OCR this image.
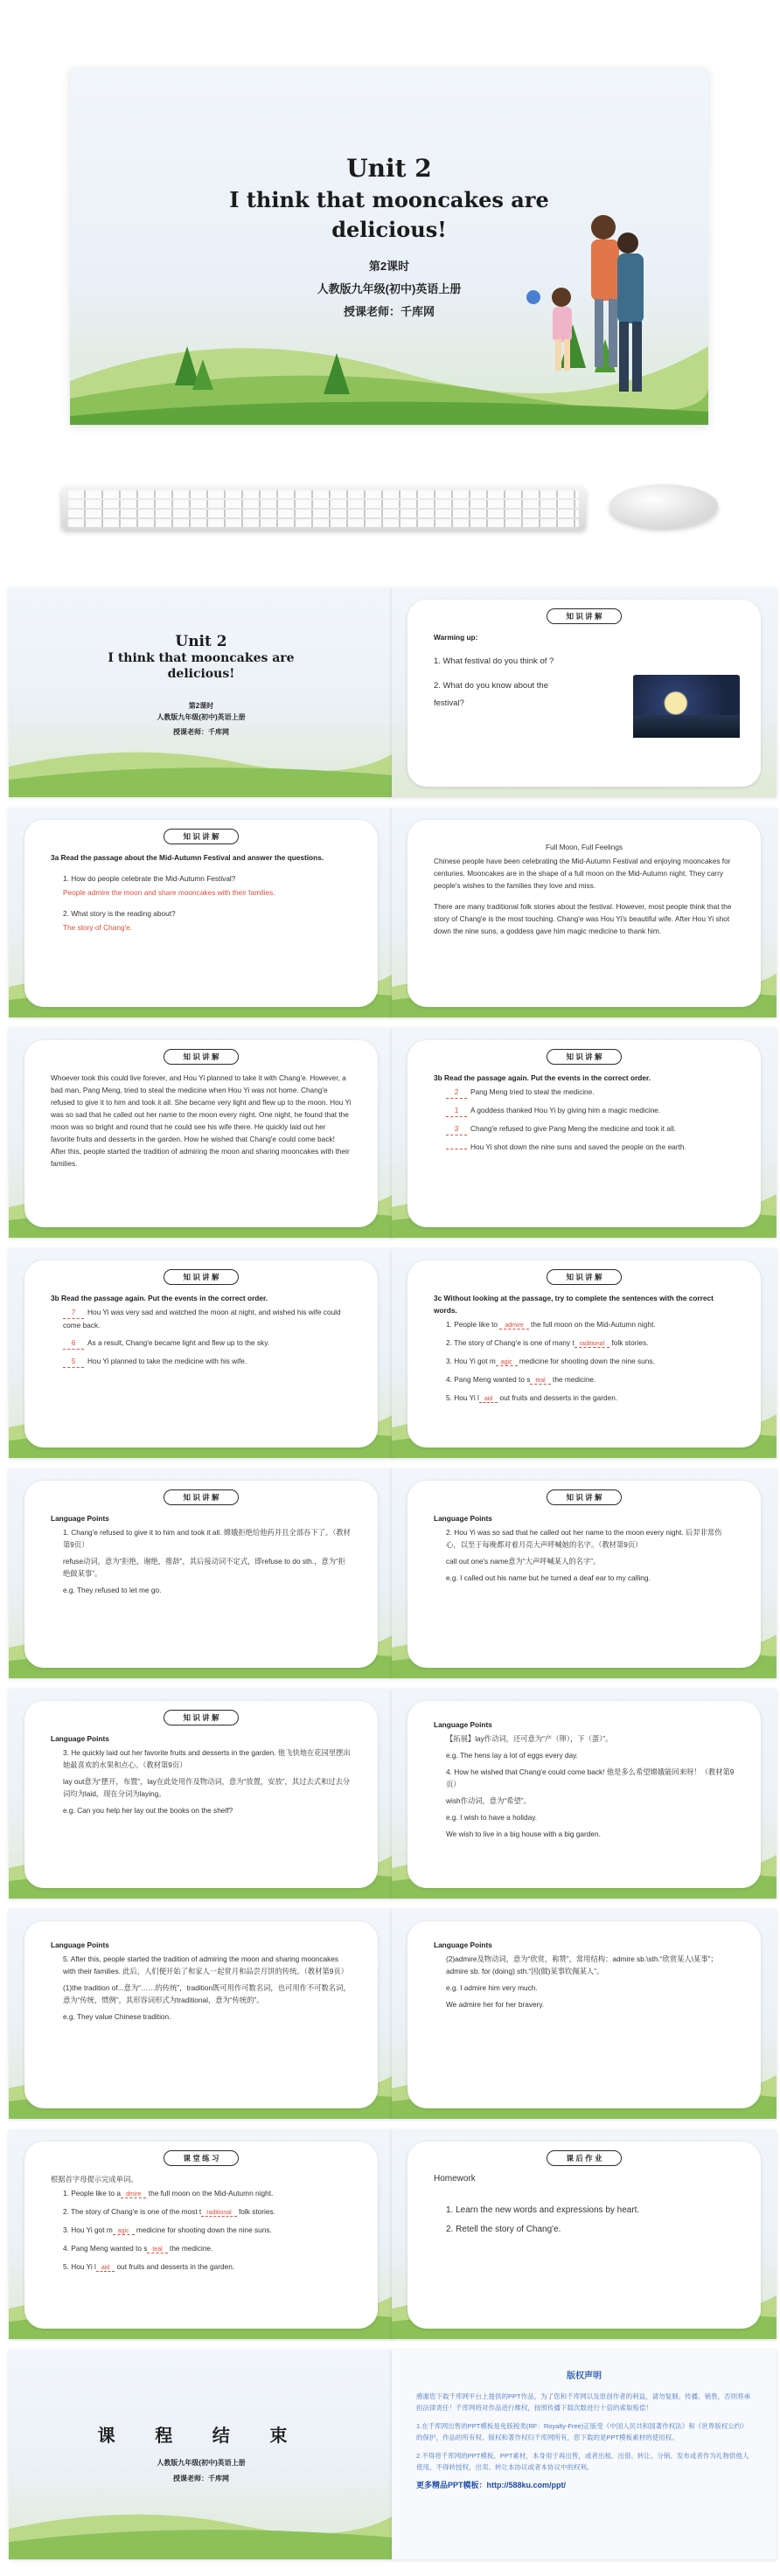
Unit 2
I think that mooncakes are
delicious!
第2课时
人教版九年级(初中)英语上册
授课老师：千库网
Unit 2
I think that mooncakes are
delicious!
第2课时
人教版九年级(初中)英语上册
授课老师：千库网
知 识 讲 解

Warming up:

1. What festival do you think of ?

2. What do you know about the

festival?

知 识 讲 解

3a Read the passage about the Mid-Autumn Festival and answer the questions.

1. How do people celebrate the Mid-Autumn Festival?

People admire the moon and share mooncakes with their families.

2. What story is the reading about?

The story of Chang'e.

Full Moon, Full Feelings

Chinese people have been celebrating the Mid-Autumn Festival and enjoying mooncakes for centuries. Mooncakes are in the shape of a full moon on the Mid-Autumn night. They carry people's wishes to the families they love and miss.

There are many traditional folk stories about the festival. However, most people think that the story of Chang'e is the most touching. Chang'e was Hou Yi's beautiful wife. After Hou Yi shot down the nine suns, a goddess gave him magic medicine to thank him.

知 识 讲 解

Whoever took this could live forever, and Hou Yi planned to take it with Chang'e. However, a bad man, Pang Meng, tried to steal the medicine when Hou Yi was not home. Chang'e refused to give it to him and took it all. She became very light and flew up to the moon. Hou Yi was so sad that he called out her name to the moon every night. One night, he found that the moon was so bright and round that he could see his wife there. He quickly laid out her favorite fruits and desserts in the garden. How he wished that Chang'e could come back! After this, people started the tradition of admiring the moon and sharing mooncakes with their families.

知 识 讲 解

3b Read the passage again. Put the events in the correct order.

2 Pang Meng tried to steal the medicine.

1 A goddess thanked Hou Yi by giving him a magic medicine.

3 Chang'e refused to give Pang Meng the medicine and took it all.

Hou Yi shot down the nine suns and saved the people on the earth.

知 识 讲 解

3b Read the passage again. Put the events in the correct order.

7 Hou Yi was very sad and watched the moon at night, and wished his wife could come back.

6 As a result, Chang'e became light and flew up to the sky.

5 Hou Yi planned to take the medicine with his wife.

知 识 讲 解

3c Without looking at the passage, try to complete the sentences with the correct words.

1. People like to admire the full moon on the Mid-Autumn night.

2. The story of Chang'e is one of many t raditional folk stories.

3. Hou Yi got m agic medicine for shooting down the nine suns.

4. Pang Meng wanted to s teal the medicine.

5. Hou Yi l aid out fruits and desserts in the garden.

知 识 讲 解

Language Points

1. Chang'e refused to give it to him and took it all. 嫦娥拒绝给他药并且全部吞下了。（教材第9页）

refuse动词，意为“拒绝，谢绝，推辞”，其后接动词不定式，即refuse to do sth.，意为“拒绝做某事”。

e.g. They refused to let me go.

知 识 讲 解

Language Points

2. Hou Yi was so sad that he called out her name to the moon every night. 后羿非常伤心，以至于每晚都对着月亮大声呼喊她的名字。（教材第9页）

call out one's name意为“大声呼喊某人的名字”。

e.g. I called out his name but he turned a deaf ear to my calling.

知 识 讲 解

Language Points

3. He quickly laid out her favorite fruits and desserts in the garden. 他飞快地在花园里摆出她最喜欢的水果和点心。（教材第9页）

lay out意为“摆开，布置”，lay在此处用作及物动词，意为“放置，安放”，其过去式和过去分词均为laid，现在分词为laying。

e.g. Can you help her lay out the books on the shelf?

Language Points

【拓展】lay作动词，还可意为“产（卵），下（蛋）”。

e.g. The hens lay a lot of eggs every day.

4. How he wished that Chang'e could come back! 他是多么希望嫦娥能回来呀！（教材第9页）

wish作动词，意为“希望”。

e.g. I wish to have a holiday.

We wish to live in a big house with a big garden.

Language Points

5. After this, people started the tradition of admiring the moon and sharing mooncakes with their families. 此后，人们便开始了和家人一起赏月和品尝月饼的传统。（教材第9页）

(1)the tradition of...意为“……的传统”，tradition既可用作可数名词，也可用作不可数名词，意为“传统，惯例”，其形容词形式为traditional，意为“传统的”。

e.g. They value Chinese tradition.

Language Points

(2)admire及物动词，意为“欣赏，称赞”，常用结构：admire sb.\sth.“欣赏某人\某事”；admire sb. for (doing) sth.“因(做)某事钦佩某人”。

e.g. I admire him very much.

We admire her for her bravery.

课 堂 练 习

根据首字母提示完成单词。

1. People like to a dmire the full moon on the Mid-Autumn night.

2. The story of Chang'e is one of the most t raditional folk stories.

3. Hou Yi got m agic medicine for shooting down the nine suns.

4. Pang Meng wanted to s teal the medicine.

5. Hou Yi l aid out fruits and desserts in the garden.

课 后 作 业

Homework

1. Learn the new words and expressions by heart.

2. Retell the story of Chang'e.

课 程 结 束
人教版九年级(初中)英语上册
授课老师：千库网
版权声明

感谢您下载千库网平台上提供的PPT作品，为了您和千库网以及原创作者的利益，请勿复制、传播、销售，否则将承担法律责任！千库网将对作品进行维权，按照传播下载次数进行十倍的索取赔偿！

1.在千库网出售的PPT模板是免版税类(RF：Royalty-Free)正版受《中国人民共和国著作权法》和《世界版权公约》的保护，作品的所有权、版权和著作权归千库网所有，您下载的是PPT模板素材的使用权。

2.不得将千库网的PPT模板、PPT素材，本身用于再出售，或者出租、出借、转让、分销、发布或者作为礼物供他人使用，不得转授权、出卖、转让本协议或者本协议中的权利。

更多精品PPT模板：http://588ku.com/ppt/
